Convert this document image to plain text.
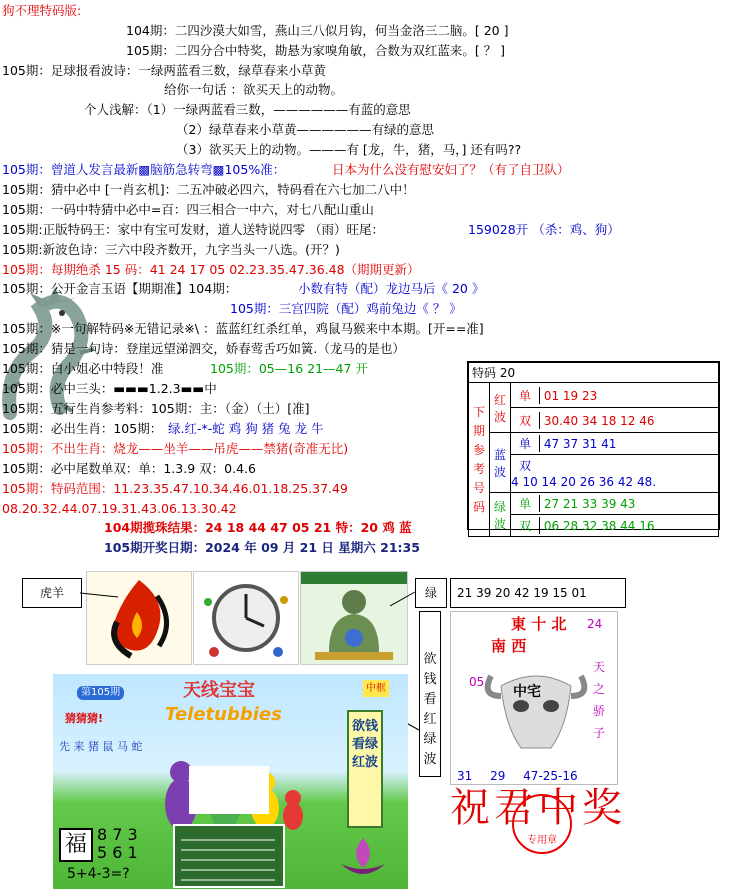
狗不理特码版:
104期：二四沙漠大如雪，燕山三八似月钩，何当金洛三二脑。[ 20 ]
105期：二四分合中特奖，勘悬为家嗅角敏，合数为双红蓝来。[ ？ ]
105期：足球报看波诗：一绿两蓝看三数，绿草春来小草黄
给你一句话 ：欲买天上的动物。
个人浅解：（1）一绿两蓝看三数，——————有蓝的意思
（2）绿草春来小草黄——————有绿的意思
（3）欲买天上的动物。———有 [龙，牛，猪，马，] 还有吗??
105期：曾道人发言最新▩脑筋急转弯▩105%准：	日本为什么没有慰安妇了？（有了自卫队）
105期：猜中必中 [一肖玄机]：二五冲破必四六，特码看在六七加二八中！
105期：一码中特猜中必中=百：四三相合一中六，对七八配山重山
105期:正版特码王：家中有宝可发财，道人送特说四零 （雨）旺尾：	159028开 （杀：鸡、狗）
105期:新波色诗：三六中段齐数开，九字当头一八选。(开？)
105期：每期绝杀 15 码：41 24 17 05 02.23.35.47.36.48（期期更新）
105期：公开金言玉语【期期准】104期：	小数有特（配）龙边马后《 20 》
105期：三宫四院（配）鸡前兔边《 ？ 》
105期：※一句解特码※无错记录※\ ：蓝蓝红红杀红单，鸡鼠马猴来中本期。[开==准]
105期：猜是一句诗：登崖远望涕泗交，娇春莺舌巧如簧.（龙马的是也）
105期：白小姐必中特段！准	105期：05—16 21—47 开
105期：必中三头：▬▬▬1.2.3▬▬中
105期：五行生肖参考料：105期：主：（金）（土）[准]
105期：必出生肖：105期： 绿.红-*-蛇 鸡 狗 猪 兔 龙 牛
105期：不出生肖：烧龙——坐羊——吊虎——禁猪(奇准无比)
105期：必中尾数单双：单：1.3.9 双：0.4.6
105期：特码范围：11.23.35.47.10.34.46.01.18.25.37.49
08.20.32.44.07.19.31.43.06.13.30.42
104期揽珠结果：24 18 44 47 05 21 特：20 鸡 蓝
105期开奖日期：2024 年 09 月 21 日 星期六 21:35
特码 20		
下期参考号码	红波	单 01 19 23
		双 30.40 34 18 12 46
	蓝波	单 47 37 31 41
		双4 10 14 20 26 36 42 48.
	绿波	单 27 21 33 39 43
		双 06 28 32 38 44 16
虎羊	绿	21 39 20 42 19 15 01
欲钱看红绿波
第105期
猜猜猜!
天线宝宝
Teletubbies
中框
先 来 猪 鼠 马 蛇
欲钱看绿红波
福 8 7 3
5 6 1
5+4-3=?
東 十 北
南 西
05
24
天之骄子
中宅
31 29 47-25-16
祝君中奖
专用章
